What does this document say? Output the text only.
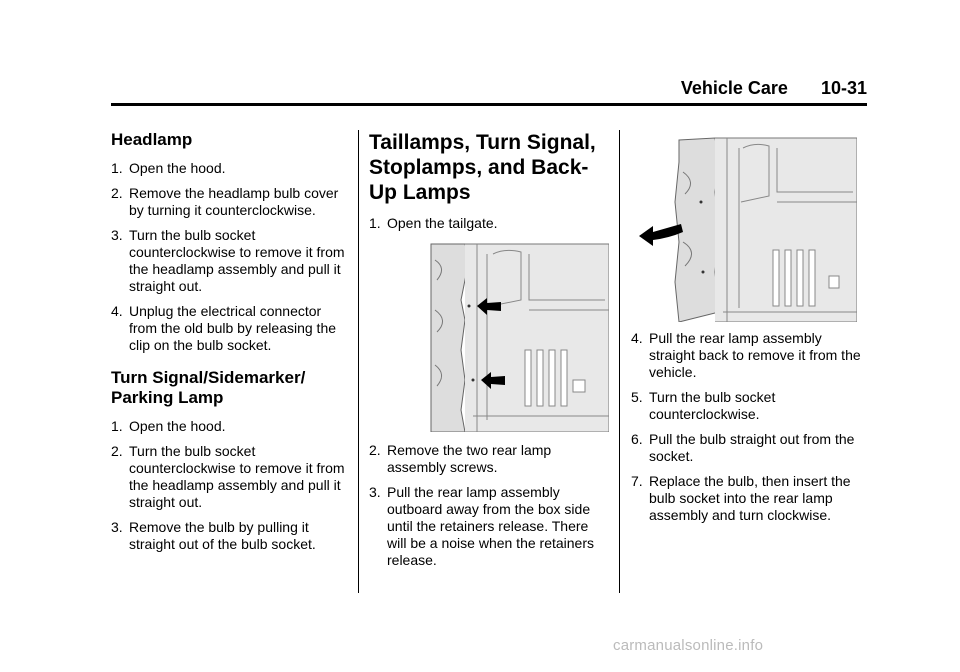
Vehicle Care 10-31
Headlamp
1. Open the hood.
2. Remove the headlamp bulb cover by turning it counterclockwise.
3. Turn the bulb socket counterclockwise to remove it from the headlamp assembly and pull it straight out.
4. Unplug the electrical connector from the old bulb by releasing the clip on the bulb socket.
Turn Signal/Sidemarker/ Parking Lamp
1. Open the hood.
2. Turn the bulb socket counterclockwise to remove it from the headlamp assembly and pull it straight out.
3. Remove the bulb by pulling it straight out of the bulb socket.
Taillamps, Turn Signal, Stoplamps, and Back-Up Lamps
1. Open the tailgate.
2. Remove the two rear lamp assembly screws.
3. Pull the rear lamp assembly outboard away from the box side until the retainers release. There will be a noise when the retainers release.
4. Pull the rear lamp assembly straight back to remove it from the vehicle.
5. Turn the bulb socket counterclockwise.
6. Pull the bulb straight out from the socket.
7. Replace the bulb, then insert the bulb socket into the rear lamp assembly and turn clockwise.
carmanualsonline.info
